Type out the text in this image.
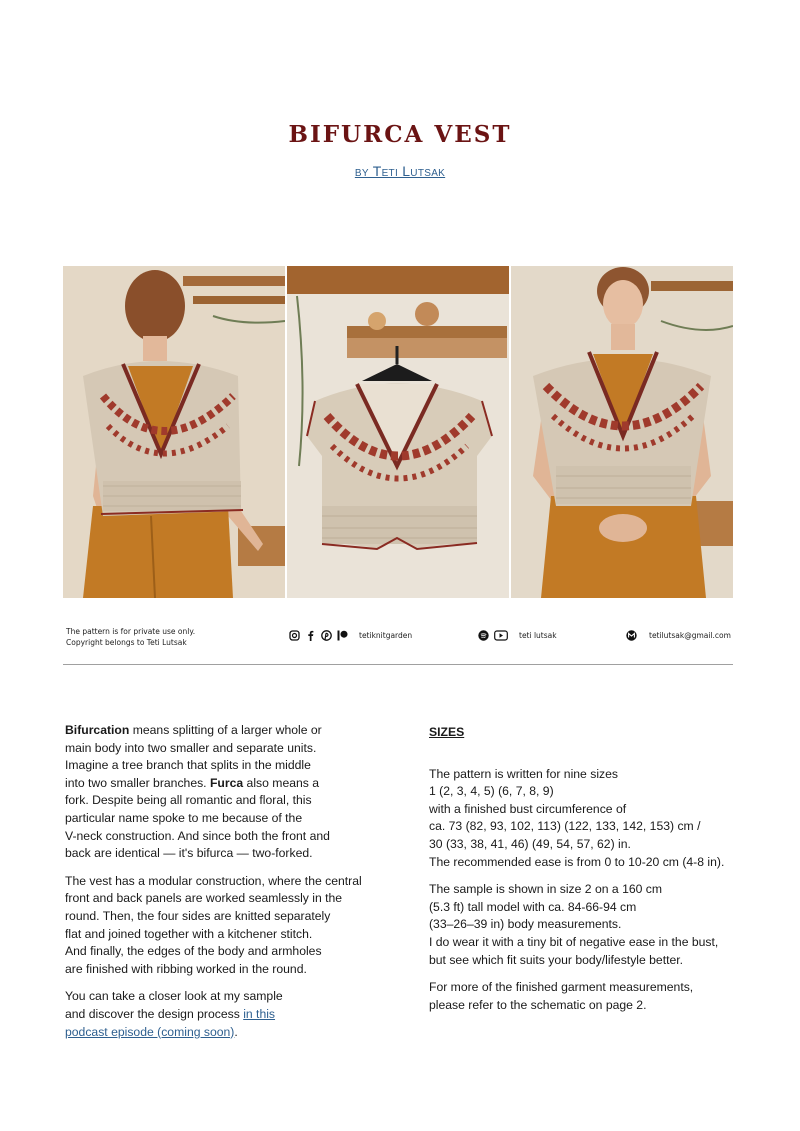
BIFURCA VEST
by Teti Lutsak
The pattern is for private use only.
Copyright belongs to Teti Lutsak
tetiknitgarden	teti lutsak	tetilutsak@gmail.com

Bifurcation means splitting of a larger whole or
main body into two smaller and separate units.
Imagine a tree branch that splits in the middle
into two smaller branches. Furca also means a
fork. Despite being all romantic and floral, this
particular name spoke to me because of the
V-neck construction. And since both the front and
back are identical — it's bifurca — two-forked.

The vest has a modular construction, where the central
front and back panels are worked seamlessly in the
round. Then, the four sides are knitted separately
flat and joined together with a kitchener stitch.
And finally, the edges of the body and armholes
are finished with ribbing worked in the round.

You can take a closer look at my sample
and discover the design process in this
podcast episode (coming soon).

SIZES

The pattern is written for nine sizes
1 (2, 3, 4, 5) (6, 7, 8, 9)
with a finished bust circumference of
ca. 73 (82, 93, 102, 113) (122, 133, 142, 153) cm /
30 (33, 38, 41, 46) (49, 54, 57, 62) in.
The recommended ease is from 0 to 10-20 cm (4-8 in).

The sample is shown in size 2 on a 160 cm
(5.3 ft) tall model with ca. 84-66-94 cm
(33–26–39 in) body measurements.
I do wear it with a tiny bit of negative ease in the bust,
but see which fit suits your body/lifestyle better.

For more of the finished garment measurements,
please refer to the schematic on page 2.
